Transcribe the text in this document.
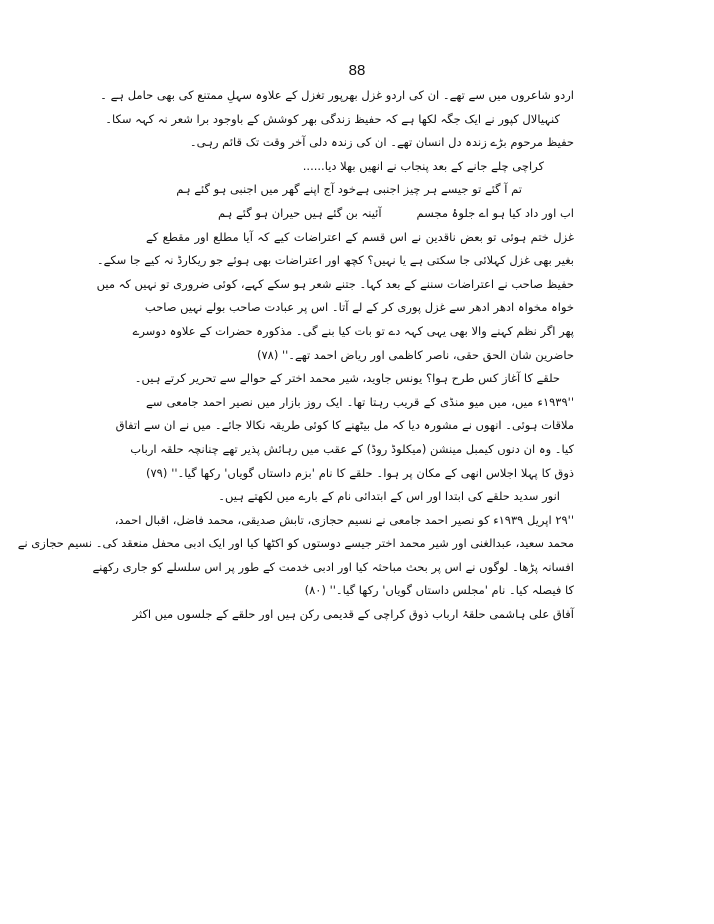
88
اردو شاعروں میں سے تھے۔ ان کی اردو غزل بھرپور تغزل کے علاوہ سہلِ ممتنع کی بھی حامل ہے ۔
کنہیالال کپور نے ایک جگہ لکھا ہے کہ حفیظ زندگی بھر کوشش کے باوجود برا شعر نہ کہہ سکا۔
حفیظ مرحوم بڑے زندہ دل انسان تھے۔ ان کی زندہ دلی آخر وقت تک قائم رہی۔
کراچی چلے جانے کے بعد پنجاب نے انھیں بھلا دیا......
تم آ گئے تو جیسے ہر چیز اجنبی ہے
خود آج اپنے گھر میں اجنبی ہو گئے ہم
اب اور داد کیا ہو اے جلوۂ مجسم
آئینہ بن گئے ہیں حیران ہو گئے ہم
غزل ختم ہوئی تو بعض ناقدین نے اس قسم کے اعتراضات کیے کہ آیا مطلع اور مقطع کے
بغیر بھی غزل کہلائی جا سکتی ہے یا نہیں؟ کچھ اور اعتراضات بھی ہوئے جو ریکارڈ نہ کیے جا سکے۔
حفیظ صاحب نے اعتراضات سننے کے بعد کہا۔ جتنے شعر ہو سکے کہے، کوئی ضروری تو نہیں کہ میں
خواہ مخواہ ادھر ادھر سے غزل پوری کر کے لے آتا۔ اس پر عبادت صاحب بولے نہیں صاحب
پھر اگر نظم کہنے والا بھی یہی کہہ دے تو بات کیا بنے گی۔ مذکورہ حضرات کے علاوہ دوسرے
حاضرین شان الحق حقی، ناصر کاظمی اور ریاض احمد تھے۔'' (۷۸)
حلقے کا آغاز کس طرح ہوا؟ یونس جاوید، شیر محمد اختر کے حوالے سے تحریر کرتے ہیں۔
''۱۹۳۹ء میں، میں میو منڈی کے قریب رہتا تھا۔ ایک روز بازار میں نصیر احمد جامعی سے
ملاقات ہوئی۔ انھوں نے مشورہ دیا کہ مل بیٹھنے کا کوئی طریقہ نکالا جائے۔ میں نے ان سے اتفاق
کیا۔ وہ ان دنوں کیمبل مینشن (میکلوڈ روڈ) کے عقب میں رہائش پذیر تھے چنانچہ حلقہ ارباب
ذوق کا پہلا اجلاس انھی کے مکان پر ہوا۔ حلقے کا نام 'بزم داستاں گویاں' رکھا گیا۔'' (۷۹)
انور سدید حلقے کی ابتدا اور اس کے ابتدائی نام کے بارے میں لکھتے ہیں۔
''۲۹ اپریل ۱۹۳۹ء کو نصیر احمد جامعی نے نسیم حجازی، تابش صدیقی، محمد فاضل، اقبال احمد،
محمد سعید، عبدالغنی اور شیر محمد اختر جیسے دوستوں کو اکٹھا کیا اور ایک ادبی محفل منعقد کی۔ نسیم حجازی نے
افسانہ پڑھا۔ لوگوں نے اس پر بحث مباحثہ کیا اور ادبی خدمت کے طور پر اس سلسلے کو جاری رکھنے
کا فیصلہ کیا۔ نام 'مجلس داستاں گویاں' رکھا گیا۔'' (۸۰)
آفاق علی ہاشمی حلقۂ ارباب ذوق کراچی کے قدیمی رکن ہیں اور حلقے کے جلسوں میں اکثر
